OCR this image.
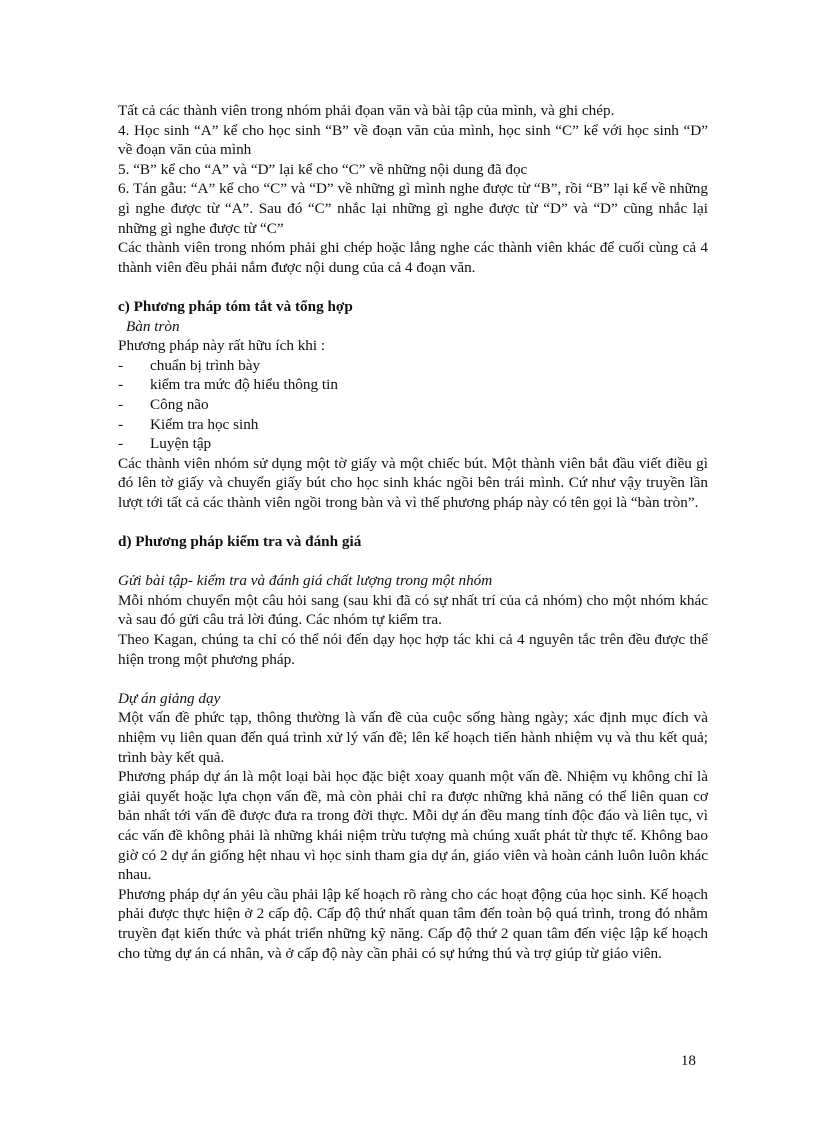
Tất cả các thành viên trong nhóm phải đọan văn và bài tập của mình, và ghi chép.

4. Học sinh “A” kể cho học sinh “B” về đoạn văn của mình, học sinh “C” kể với học sinh “D” về đoạn văn của mình

5. “B” kể cho “A” và “D” lại kể cho “C” về những nội dung đã đọc

6. Tán gẫu: “A” kể cho “C” và “D” về những gì mình nghe được từ “B”, rồi “B” lại kể về những gì nghe được từ “A”. Sau đó “C” nhắc lại những gì nghe được từ “D” và “D” cũng nhắc lại những gì nghe được từ “C”

Các thành viên trong nhóm phải ghi chép hoặc lắng nghe các thành viên khác để cuối cùng cả 4 thành viên đều phải nắm được nội dung của cả 4 đoạn văn.

c) Phương pháp tóm tắt và tổng hợp

Bàn tròn

Phương pháp này rất hữu ích khi :

- chuẩn bị trình bày
- kiểm tra mức độ hiểu thông tin
- Công não
- Kiểm tra học sinh
- Luyện tập

Các thành viên nhóm sử dụng một tờ giấy và một chiếc bút. Một thành viên bắt đầu viết điều gì đó lên tờ giấy và chuyển giấy bút cho học sinh khác ngồi bên trái mình. Cứ như vậy truyền lần lượt tới tất cả các thành viên ngồi trong bàn và vì thế phương pháp này có tên gọi là “bàn tròn”.

d) Phương pháp kiểm tra và đánh giá

Gửi bài tập- kiểm tra và đánh giá chất lượng trong một nhóm

Mỗi nhóm chuyển một câu hỏi sang (sau khi đã có sự nhất trí của cả nhóm) cho một nhóm khác và sau đó gửi câu trả lời đúng. Các nhóm tự kiểm tra.

Theo Kagan, chúng ta chỉ có thể nói đến dạy học hợp tác khi cả 4 nguyên tắc trên đều được thể hiện trong một phương pháp.

Dự án giảng dạy

Một vấn đề phức tạp, thông thường là vấn đề của cuộc sống hàng ngày; xác định mục đích và nhiệm vụ liên quan đến quá trình xử lý vấn đề; lên kế hoạch tiến hành nhiệm vụ và thu kết quả; trình bày kết quả.

Phương pháp dự án là một loại bài học đặc biệt xoay quanh một vấn đề. Nhiệm vụ không chỉ là giải quyết hoặc lựa chọn vấn đề, mà còn phải chỉ ra được những khả năng có thể liên quan cơ bản nhất tới vấn đề được đưa ra trong đời thực. Mỗi dự án đều mang tính độc đáo và liên tục, vì các vấn đề không phải là những khái niệm trừu tượng mà chúng xuất phát từ thực tế. Không bao giờ có 2 dự án giống hệt nhau vì học sinh tham gia dự án, giáo viên và hoàn cảnh luôn luôn khác nhau.

Phương pháp dự án yêu cầu phải lập kế hoạch rõ ràng cho các hoạt động của học sinh. Kế hoạch phải được thực hiện ở 2 cấp độ. Cấp độ thứ nhất quan tâm đến toàn bộ quá trình, trong đó nhằm truyền đạt kiến thức và phát triển những kỹ năng. Cấp độ thứ 2 quan tâm đến việc lập kế hoạch cho từng dự án cá nhân, và ở cấp độ này cần phải có sự hứng thú và trợ giúp từ giáo viên.

18
